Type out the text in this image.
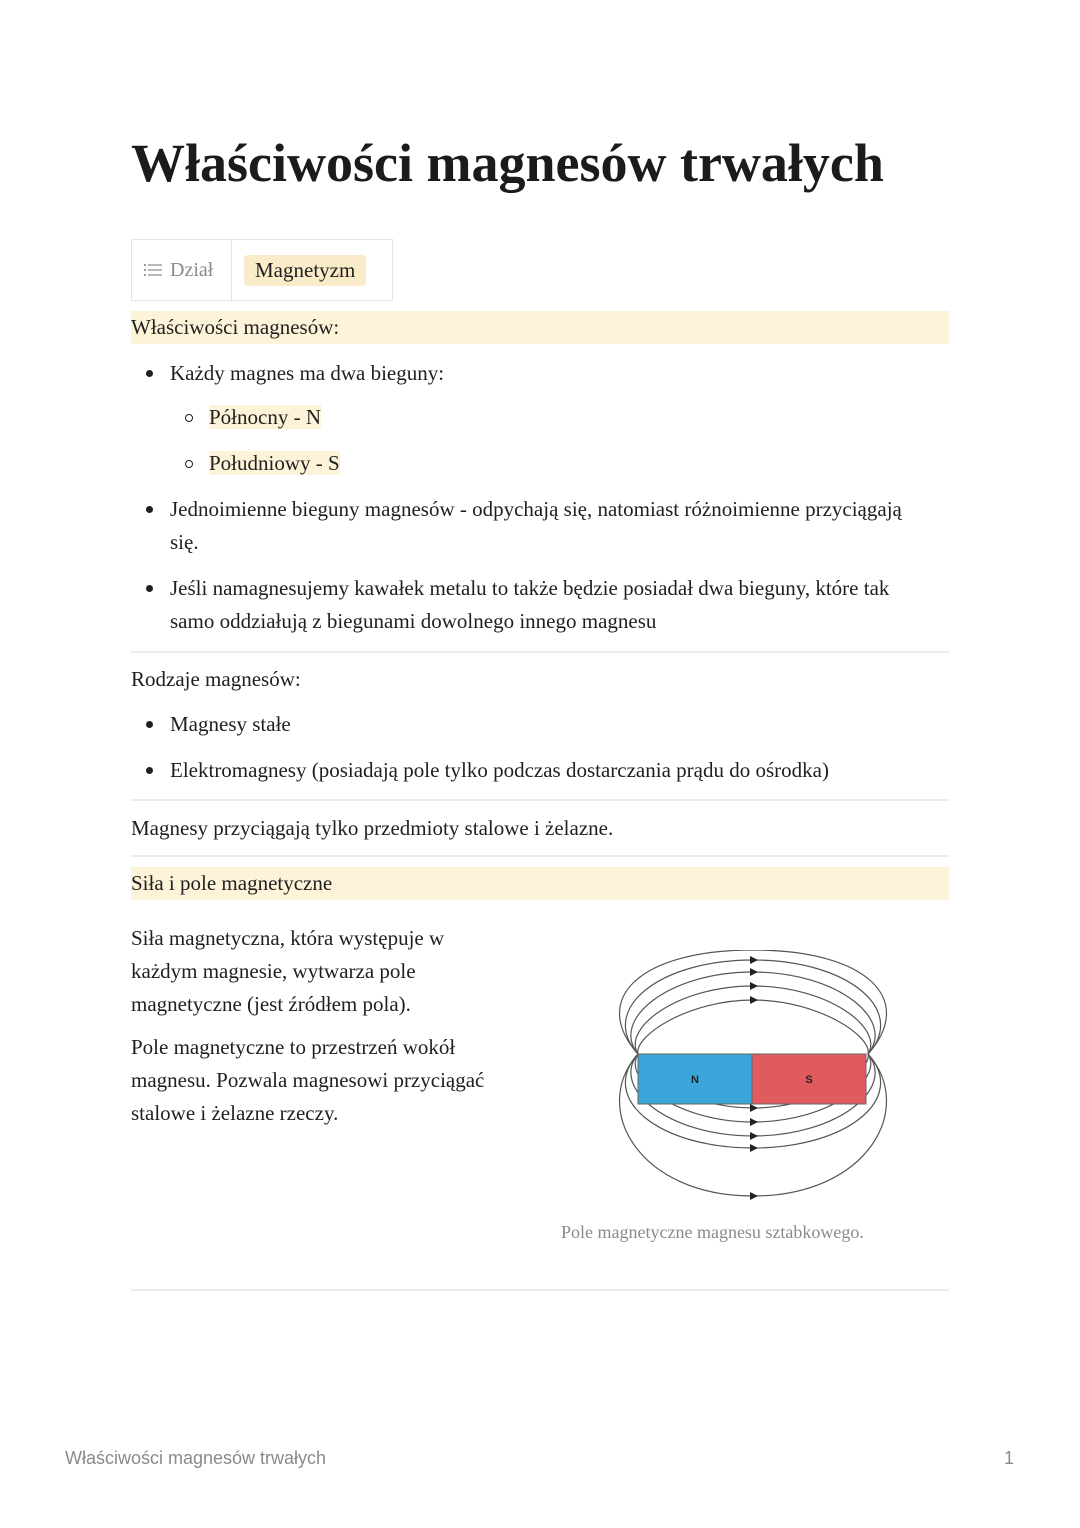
Właściwości magnesów trwałych
Dział	Magnetyzm
Właściwości magnesów:
Każdy magnes ma dwa bieguny:
Północny - N
Południowy - S
Jednoimienne bieguny magnesów - odpychają się, natomiast różnoimienne przyciągają
się.
Jeśli namagnesujemy kawałek metalu to także będzie posiadał dwa bieguny, które tak
samo oddziałują z biegunami dowolnego innego magnesu
Rodzaje magnesów:
Magnesy stałe
Elektromagnesy (posiadają pole tylko podczas dostarczania prądu do ośrodka)
Magnesy przyciągają tylko przedmioty stalowe i żelazne.
Siła i pole magnetyczne
Siła magnetyczna, która występuje w
każdym magnesie, wytwarza pole
magnetyczne (jest źródłem pola).
Pole magnetyczne to przestrzeń wokół
magnesu. Pozwala magnesowi przyciągać
stalowe i żelazne rzeczy.
N	S
Pole magnetyczne magnesu sztabkowego.
Właściwości magnesów trwałych	1
